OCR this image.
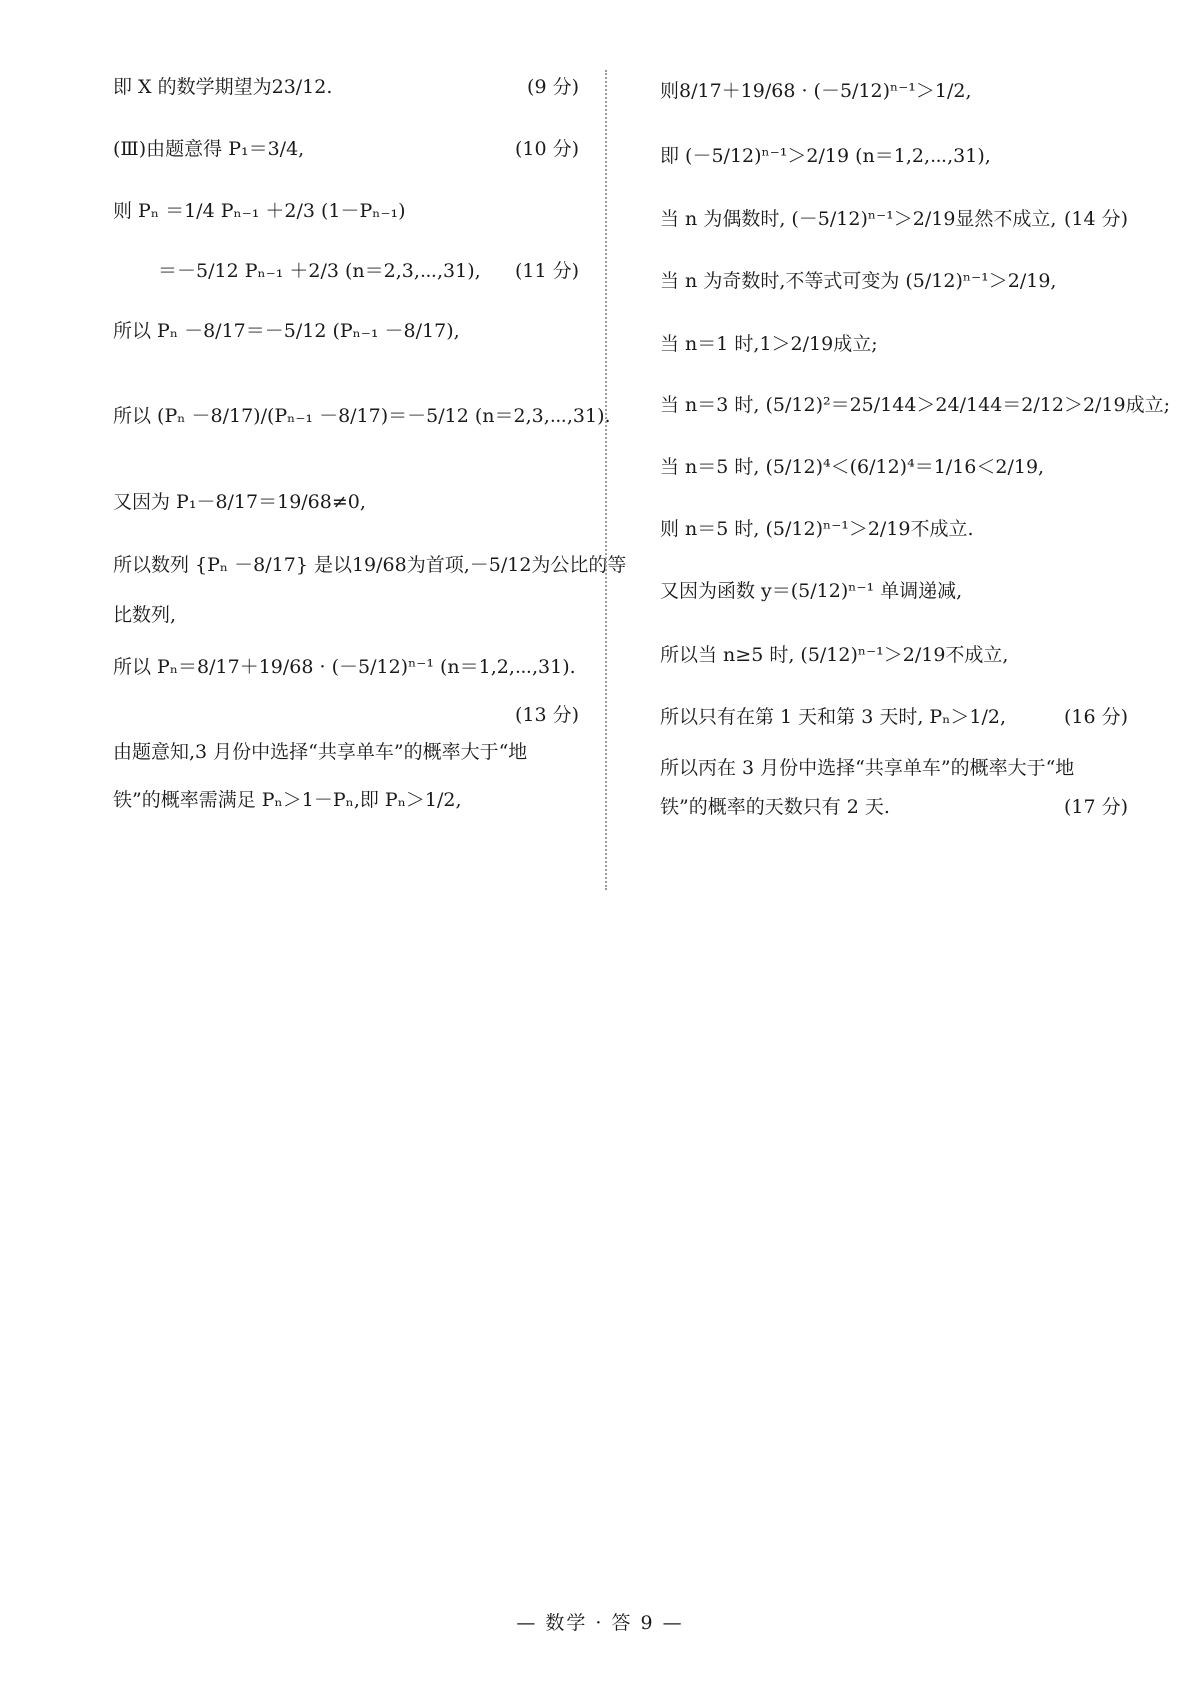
即 X 的数学期望为23/12.	(9 分)
(Ⅲ)由题意得 P₁＝3/4,	(10 分)
则 Pₙ ＝1/4 Pₙ₋₁ ＋2/3 (1－Pₙ₋₁)
＝－5/12 Pₙ₋₁ ＋2/3 (n＝2,3,⋯,31), (11 分)
所以 Pₙ －8/17＝－5/12 (Pₙ₋₁ －8/17),
所以 (Pₙ －8/17)/(Pₙ₋₁ －8/17)＝－5/12 (n＝2,3,⋯,31).
又因为 P₁－8/17＝19/68≠0,
所以数列 {Pₙ －8/17} 是以19/68为首项,－5/12为公比的等
比数列,
所以 Pₙ＝8/17＋19/68 · (－5/12)ⁿ⁻¹ (n＝1,2,⋯,31).
(13 分)
由题意知,3 月份中选择“共享单车”的概率大于“地
铁”的概率需满足 Pₙ＞1－Pₙ,即 Pₙ＞1/2,
则8/17＋19/68 · (－5/12)ⁿ⁻¹＞1/2,
即 (－5/12)ⁿ⁻¹＞2/19 (n＝1,2,⋯,31),
当 n 为偶数时, (－5/12)ⁿ⁻¹＞2/19显然不成立, (14 分)
当 n 为奇数时,不等式可变为 (5/12)ⁿ⁻¹＞2/19,
当 n＝1 时,1＞2/19成立;
当 n＝3 时, (5/12)²＝25/144＞24/144＝2/12＞2/19成立;
当 n＝5 时, (5/12)⁴＜(6/12)⁴＝1/16＜2/19,
则 n＝5 时, (5/12)ⁿ⁻¹＞2/19不成立.
又因为函数 y＝(5/12)ⁿ⁻¹ 单调递减,
所以当 n≥5 时, (5/12)ⁿ⁻¹＞2/19不成立,
所以只有在第 1 天和第 3 天时, Pₙ＞1/2,	(16 分)
所以丙在 3 月份中选择“共享单车”的概率大于“地
铁”的概率的天数只有 2 天.	(17 分)
— 数学 · 答 9 —
